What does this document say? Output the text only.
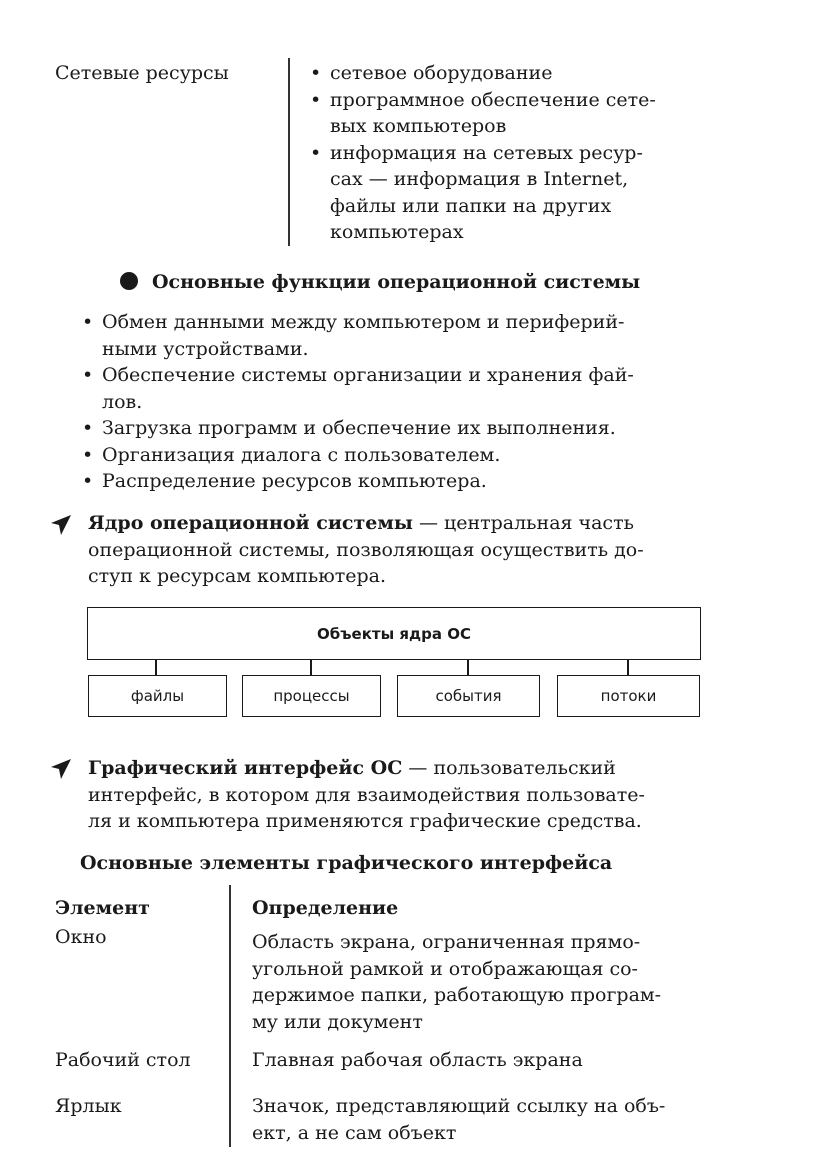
Сетевые ресурсы	• сетевое оборудование
• программное обеспечение сете-
вых компьютеров
• информация на сетевых ресур-
сах — информация в Internet,
файлы или папки на других
компьютерах
Основные функции операционной системы
• Обмен данными между компьютером и периферий-
ными устройствами.
• Обеспечение системы организации и хранения фай-
лов.
• Загрузка программ и обеспечение их выполнения.
• Организация диалога с пользователем.
• Распределение ресурсов компьютера.
Ядро операционной системы — центральная часть
операционной системы, позволяющая осуществить до-
ступ к ресурсам компьютера.
Объекты ядра ОС
файлы	процессы	события	потоки
Графический интерфейс ОС — пользовательский
интерфейс, в котором для взаимодействия пользовате-
ля и компьютера применяются графические средства.
Основные элементы графического интерфейса
Элемент	Определение
Окно	Область экрана, ограниченная прямо-
угольной рамкой и отображающая со-
держимое папки, работающую програм-
му или документ
Рабочий стол	Главная рабочая область экрана
Ярлык	Значок, представляющий ссылку на объ-
ект, а не сам объект
